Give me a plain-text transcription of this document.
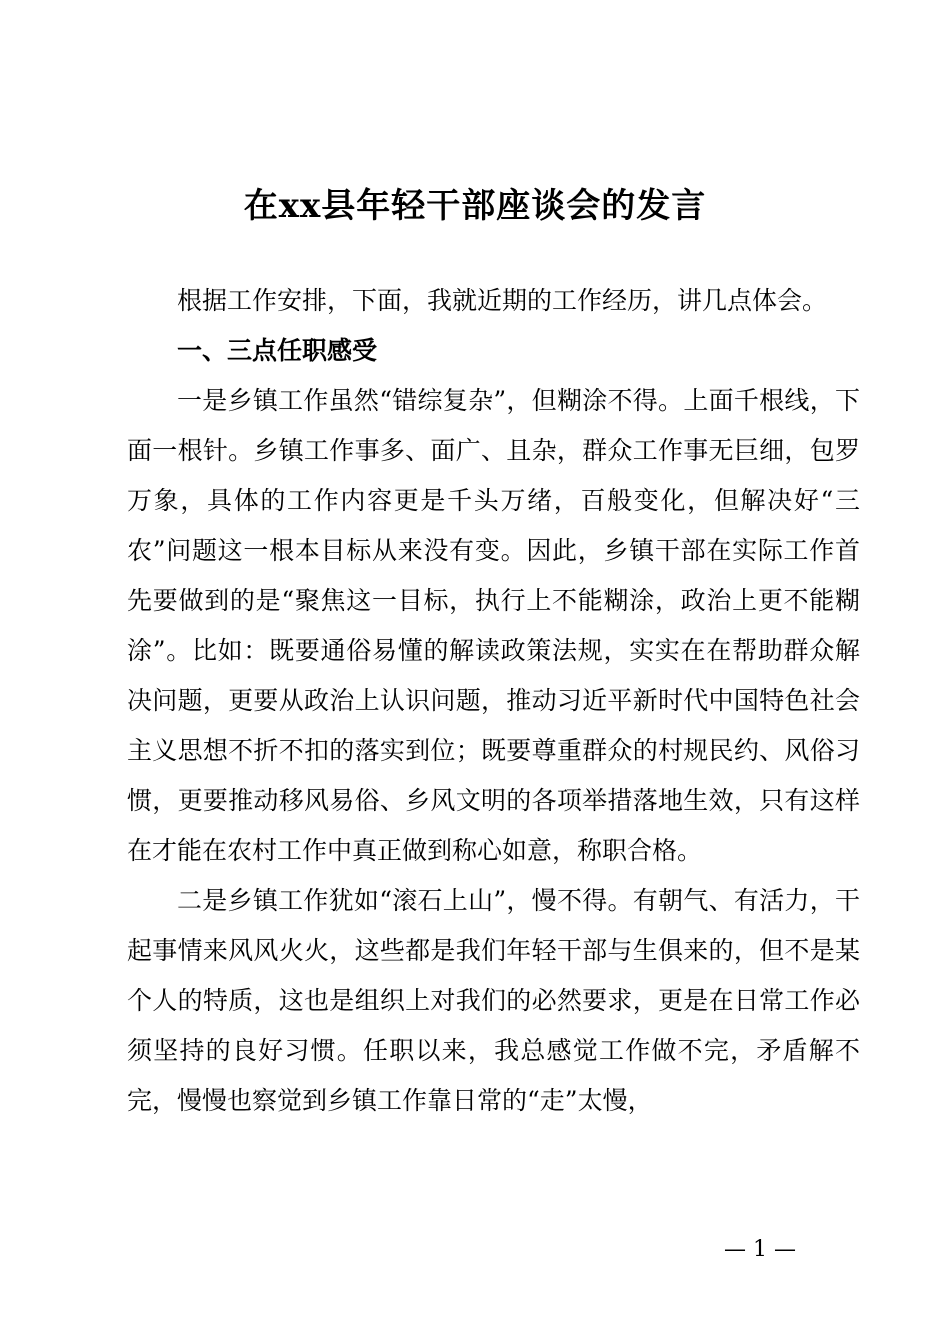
在xx县年轻干部座谈会的发言

根据工作安排，下面，我就近期的工作经历，讲几点体会。

一、三点任职感受

一是乡镇工作虽然“错综复杂”，但糊涂不得。上面千根线，下面一根针。乡镇工作事多、面广、且杂，群众工作事无巨细，包罗万象，具体的工作内容更是千头万绪，百般变化，但解决好“三农”问题这一根本目标从来没有变。因此，乡镇干部在实际工作首先要做到的是“聚焦这一目标，执行上不能糊涂，政治上更不能糊涂”。比如：既要通俗易懂的解读政策法规，实实在在帮助群众解决问题，更要从政治上认识问题，推动习近平新时代中国特色社会主义思想不折不扣的落实到位；既要尊重群众的村规民约、风俗习惯，更要推动移风易俗、乡风文明的各项举措落地生效，只有这样在才能在农村工作中真正做到称心如意，称职合格。

二是乡镇工作犹如“滚石上山”，慢不得。有朝气、有活力，干起事情来风风火火，这些都是我们年轻干部与生俱来的，但不是某个人的特质，这也是组织上对我们的必然要求，更是在日常工作必须坚持的良好习惯。任职以来，我总感觉工作做不完，矛盾解不完，慢慢也察觉到乡镇工作靠日常的“走”太慢，

— 1 —
